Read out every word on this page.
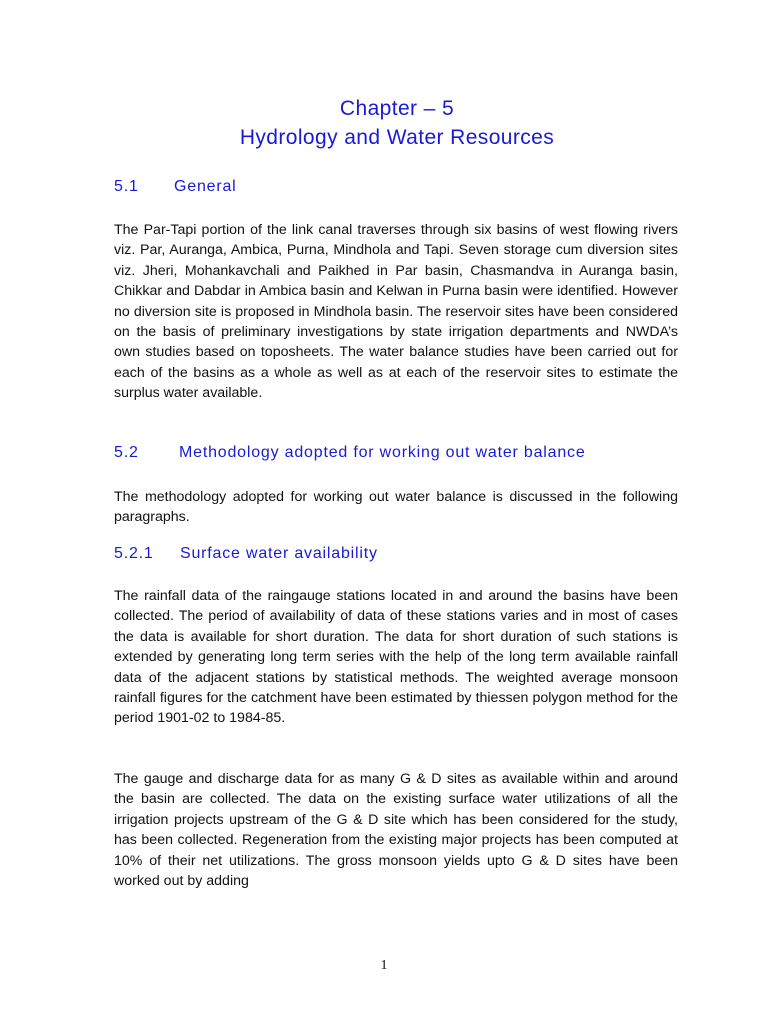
Chapter – 5
Hydrology and Water Resources
5.1 General

The Par-Tapi portion of the link canal traverses through six basins of west flowing rivers viz. Par, Auranga, Ambica, Purna, Mindhola and Tapi. Seven storage cum diversion sites viz. Jheri, Mohankavchali and Paikhed in Par basin, Chasmandva in Auranga basin, Chikkar and Dabdar in Ambica basin and Kelwan in Purna basin were identified. However no diversion site is proposed in Mindhola basin. The reservoir sites have been considered on the basis of preliminary investigations by state irrigation departments and NWDA’s own studies based on toposheets. The water balance studies have been carried out for each of the basins as a whole as well as at each of the reservoir sites to estimate the surplus water available.

5.2	Methodology adopted for working out water balance

The methodology adopted for working out water balance is discussed in the following paragraphs.

5.2.1 Surface water availability

The rainfall data of the raingauge stations located in and around the basins have been collected. The period of availability of data of these stations varies and in most of cases the data is available for short duration. The data for short duration of such stations is extended by generating long term series with the help of the long term available rainfall data of the adjacent stations by statistical methods. The weighted average monsoon rainfall figures for the catchment have been estimated by thiessen polygon method for the period 1901-02 to 1984-85.

The gauge and discharge data for as many G & D sites as available within and around the basin are collected. The data on the existing surface water utilizations of all the irrigation projects upstream of the G & D site which has been considered for the study, has been collected. Regeneration from the existing major projects has been computed at 10% of their net utilizations. The gross monsoon yields upto G & D sites have been worked out by adding

1
